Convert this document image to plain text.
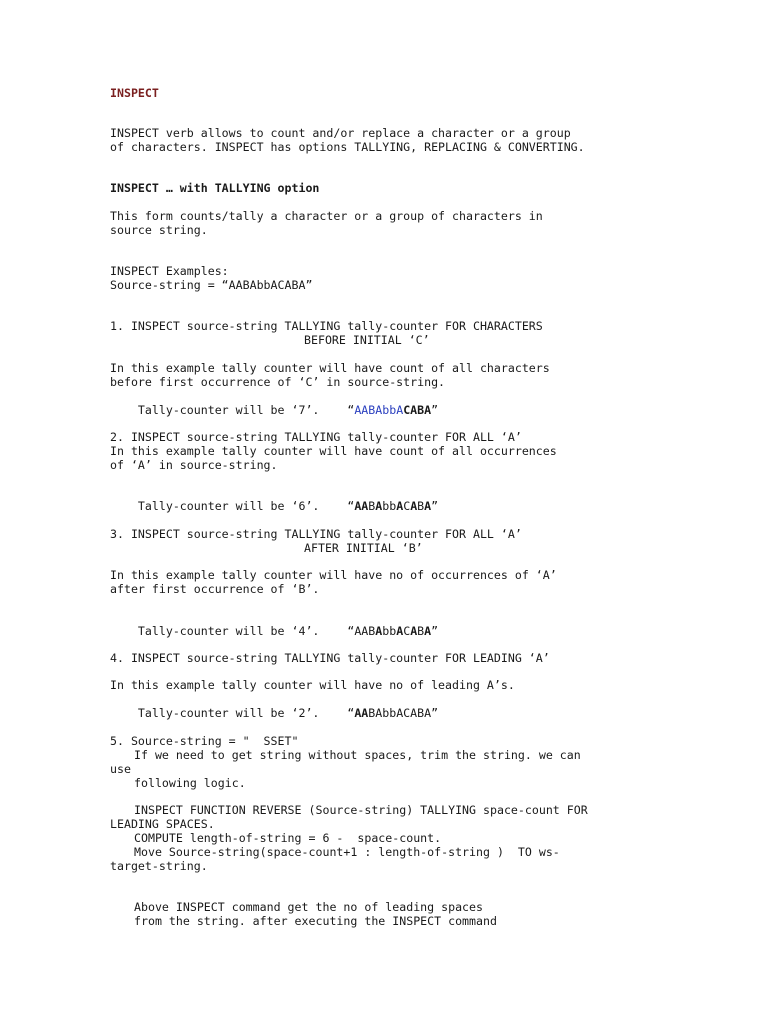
INSPECT
INSPECT verb allows to count and/or replace a character or a group
of characters. INSPECT has options TALLYING, REPLACING & CONVERTING.
INSPECT … with TALLYING option
This form counts/tally a character or a group of characters in
source string.
INSPECT Examples:
Source-string = “AABAbbACABA”
1. INSPECT source-string TALLYING tally-counter FOR CHARACTERS
BEFORE INITIAL ‘C’
In this example tally counter will have count of all characters
before first occurrence of ‘C’ in source-string.

Tally-counter will be ‘7’. “AABAbbACABA”

2. INSPECT source-string TALLYING tally-counter FOR ALL ‘A’
In this example tally counter will have count of all occurrences
of ‘A’ in source-string.

Tally-counter will be ‘6’. “AABAbbACABA”

3. INSPECT source-string TALLYING tally-counter FOR ALL ‘A’
AFTER INITIAL ‘B’
In this example tally counter will have no of occurrences of ‘A’
after first occurrence of ‘B’.

Tally-counter will be ‘4’. “AABAbbACABA”

4. INSPECT source-string TALLYING tally-counter FOR LEADING ‘A’
In this example tally counter will have no of leading A’s.

Tally-counter will be ‘2’. “AABAbbACABA”

5. Source-string = "  SSET"
If we need to get string without spaces, trim the string. we can
use
following logic.
INSPECT FUNCTION REVERSE (Source-string) TALLYING space-count FOR
LEADING SPACES.
COMPUTE length-of-string = 6 -  space-count.
Move Source-string(space-count+1 : length-of-string )  TO ws-
target-string.
Above INSPECT command get the no of leading spaces
from the string. after executing the INSPECT command
